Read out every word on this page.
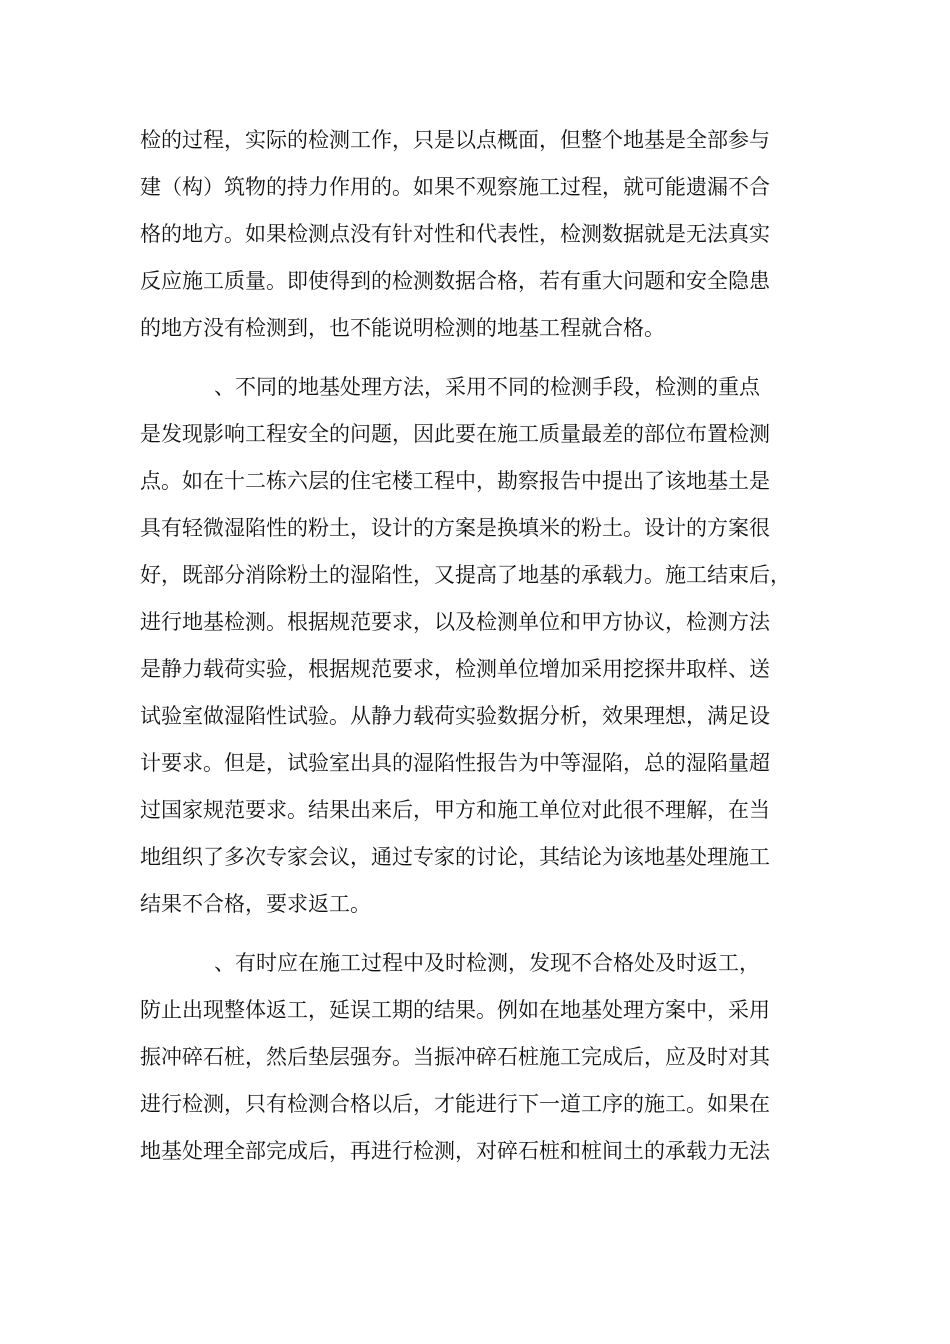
检的过程，实际的检测工作，只是以点概面，但整个地基是全部参与
建（构）筑物的持力作用的。如果不观察施工过程，就可能遗漏不合
格的地方。如果检测点没有针对性和代表性，检测数据就是无法真实
反应施工质量。即使得到的检测数据合格，若有重大问题和安全隐患
的地方没有检测到，也不能说明检测的地基工程就合格。
、不同的地基处理方法，采用不同的检测手段，检测的重点
是发现影响工程安全的问题，因此要在施工质量最差的部位布置检测
点。如在十二栋六层的住宅楼工程中，勘察报告中提出了该地基土是
具有轻微湿陷性的粉土，设计的方案是换填米的粉土。设计的方案很
好，既部分消除粉土的湿陷性，又提高了地基的承载力。施工结束后，
进行地基检测。根据规范要求，以及检测单位和甲方协议，检测方法
是静力载荷实验，根据规范要求，检测单位增加采用挖探井取样、送
试验室做湿陷性试验。从静力载荷实验数据分析，效果理想，满足设
计要求。但是，试验室出具的湿陷性报告为中等湿陷，总的湿陷量超
过国家规范要求。结果出来后，甲方和施工单位对此很不理解，在当
地组织了多次专家会议，通过专家的讨论，其结论为该地基处理施工
结果不合格，要求返工。
、有时应在施工过程中及时检测，发现不合格处及时返工，
防止出现整体返工，延误工期的结果。例如在地基处理方案中，采用
振冲碎石桩，然后垫层强夯。当振冲碎石桩施工完成后，应及时对其
进行检测，只有检测合格以后，才能进行下一道工序的施工。如果在
地基处理全部完成后，再进行检测，对碎石桩和桩间土的承载力无法
